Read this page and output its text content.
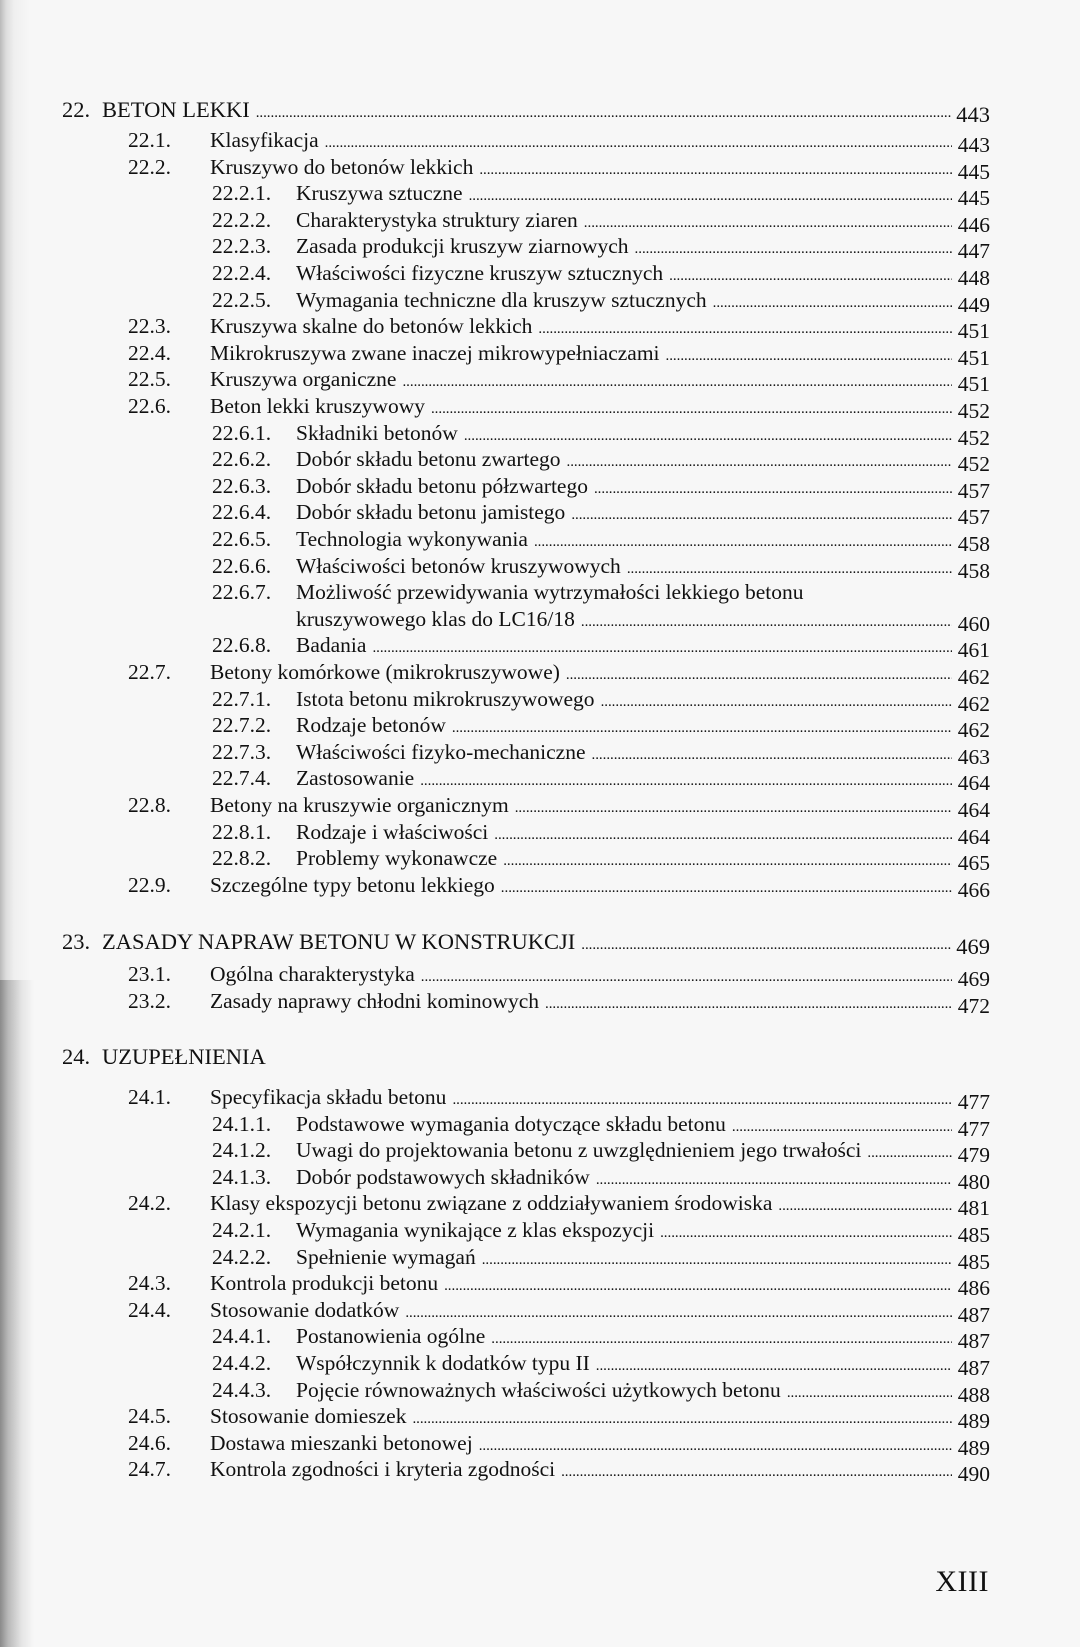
22. BETON LEKKI . . .	443
22.1.	Klasyfikacja . . .	443
22.2.	Kruszywo do betonów lekkich . . .	445
22.2.1.	Kruszywa sztuczne . . .	445
22.2.2.	Charakterystyka struktury ziaren . . .	446
22.2.3.	Zasada produkcji kruszyw ziarnowych . . .	447
22.2.4.	Właściwości fizyczne kruszyw sztucznych . . .	448
22.2.5.	Wymagania techniczne dla kruszyw sztucznych . . .	449
22.3.	Kruszywa skalne do betonów lekkich . . .	451
22.4.	Mikrokruszywa zwane inaczej mikrowypełniaczami . . .	451
22.5.	Kruszywa organiczne . . .	451
22.6.	Beton lekki kruszywowy . . .	452
22.6.1.	Składniki betonów . . .	452
22.6.2.	Dobór składu betonu zwartego . . .	452
22.6.3.	Dobór składu betonu półzwartego . . .	457
22.6.4.	Dobór składu betonu jamistego . . .	457
22.6.5.	Technologia wykonywania . . .	458
22.6.6.	Właściwości betonów kruszywowych . . .	458
22.6.7.	Możliwość przewidywania wytrzymałości lekkiego betonu
kruszywowego klas do LC16/18 . . .	460
22.6.8.	Badania . . .	461
22.7.	Betony komórkowe (mikrokruszywowe) . . .	462
22.7.1.	Istota betonu mikrokruszywowego . . .	462
22.7.2.	Rodzaje betonów . . .	462
22.7.3.	Właściwości fizyko-mechaniczne . . .	463
22.7.4.	Zastosowanie . . .	464
22.8.	Betony na kruszywie organicznym . . .	464
22.8.1.	Rodzaje i właściwości . . .	464
22.8.2.	Problemy wykonawcze . . .	465
22.9.	Szczególne typy betonu lekkiego . . .	466
23. ZASADY NAPRAW BETONU W KONSTRUKCJI . . .	469
23.1.	Ogólna charakterystyka . . .	469
23.2.	Zasady naprawy chłodni kominowych . . .	472
24. UZUPEŁNIENIA
24.1.	Specyfikacja składu betonu . . .	477
24.1.1.	Podstawowe wymagania dotyczące składu betonu . . .	477
24.1.2.	Uwagi do projektowania betonu z uwzględnieniem jego trwałości . . .	479
24.1.3.	Dobór podstawowych składników . . .	480
24.2.	Klasy ekspozycji betonu związane z oddziaływaniem środowiska . . .	481
24.2.1.	Wymagania wynikające z klas ekspozycji . . .	485
24.2.2.	Spełnienie wymagań . . .	485
24.3.	Kontrola produkcji betonu . . .	486
24.4.	Stosowanie dodatków . . .	487
24.4.1.	Postanowienia ogólne . . .	487
24.4.2.	Współczynnik k dodatków typu II . . .	487
24.4.3.	Pojęcie równoważnych właściwości użytkowych betonu . . .	488
24.5.	Stosowanie domieszek . . .	489
24.6.	Dostawa mieszanki betonowej . . .	489
24.7.	Kontrola zgodności i kryteria zgodności . . .	490
XIII
